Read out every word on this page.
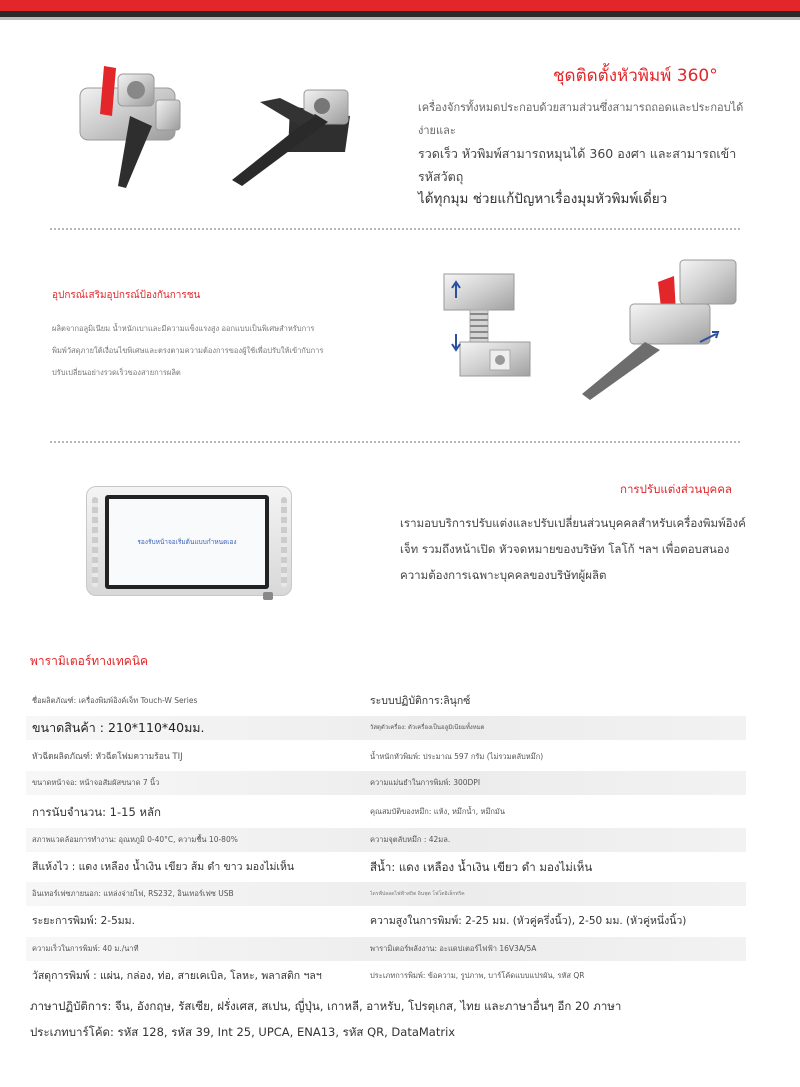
ชุดติดตั้งหัวพิมพ์ 360°
เครื่องจักรทั้งหมดประกอบด้วยสามส่วนซึ่งสามารถถอดและประกอบได้ง่ายและ
รวดเร็ว หัวพิมพ์สามารถหมุนได้ 360 องศา และสามารถเข้ารหัสวัตถุ
ได้ทุกมุม ช่วยแก้ปัญหาเรื่องมุมหัวพิมพ์เดี่ยว
อุปกรณ์เสริมอุปกรณ์ป้องกันการชน
ผลิตจากอลูมิเนียม น้ำหนักเบาและมีความแข็งแรงสูง ออกแบบเป็นพิเศษสำหรับการ
พิมพ์วัสดุภายใต้เงื่อนไขพิเศษและตรงตามความต้องการของผู้ใช้เพื่อปรับให้เข้ากับการ
ปรับเปลี่ยนอย่างรวดเร็วของสายการผลิต
รองรับหน้าจอเริ่มต้นแบบกำหนดเอง
การปรับแต่งส่วนบุคคล
เรามอบบริการปรับแต่งและปรับเปลี่ยนส่วนบุคคลสำหรับเครื่องพิมพ์อิงค์
เจ็ท รวมถึงหน้าเปิด หัวจดหมายของบริษัท โลโก้ ฯลฯ เพื่อตอบสนอง
ความต้องการเฉพาะบุคคลของบริษัทผู้ผลิต
พารามิเตอร์ทางเทคนิค
ชื่อผลิตภัณฑ์: เครื่องพิมพ์อิงค์เจ็ท Touch-W Series	ระบบปฏิบัติการ:ลินุกซ์
ขนาดสินค้า : 210*110*40มม.	วัสดุตัวเครื่อง: ตัวเครื่องเป็นอลูมิเนียมทั้งหมด
หัวฉีดผลิตภัณฑ์: หัวฉีดโฟมความร้อน TIJ	น้ำหนักหัวพิมพ์: ประมาณ 597 กรัม (ไม่รวมตลับหมึก)
ขนาดหน้าจอ: หน้าจอสัมผัสขนาด 7 นิ้ว	ความแม่นยำในการพิมพ์: 300DPI
การนับจำนวน: 1-15 หลัก	คุณสมบัติของหมึก: แห้ง, หมึกน้ำ, หมึกมัน
สภาพแวดล้อมการทำงาน: อุณหภูมิ 0-40°C, ความชื้น 10-80%	ความจุตลับหมึก : 42มล.
สีแห้งไว : แดง เหลือง น้ำเงิน เขียว ส้ม ดำ ขาว มองไม่เห็น	สีน้ำ: แดง เหลือง น้ำเงิน เขียว ดำ มองไม่เห็น
อินเทอร์เฟซภายนอก: แหล่งจ่ายไฟ, RS232, อินเทอร์เฟซ USB	ไดรฟ์ปลอดไฟฟ้าสถิต อินพุต โฟโตอิเล็กทริค
ระยะการพิมพ์: 2-5มม.	ความสูงในการพิมพ์: 2-25 มม. (หัวคู่ครึ่งนิ้ว), 2-50 มม. (หัวคู่หนึ่งนิ้ว)
ความเร็วในการพิมพ์: 40 ม./นาที	พารามิเตอร์พลังงาน: อะแดปเตอร์ไฟฟ้า 16V3A/5A
วัสดุการพิมพ์ : แผ่น, กล่อง, ท่อ, สายเคเบิล, โลหะ, พลาสติก ฯลฯ	ประเภทการพิมพ์: ข้อความ, รูปภาพ, บาร์โค้ดแบบแปรผัน, รหัส QR
ภาษาปฏิบัติการ: จีน, อังกฤษ, รัสเซีย, ฝรั่งเศส, สเปน, ญี่ปุ่น, เกาหลี, อาหรับ, โปรตุเกส, ไทย และภาษาอื่นๆ อีก 20 ภาษา
ประเภทบาร์โค้ด: รหัส 128, รหัส 39, Int 25, UPCA, ENA13, รหัส QR, DataMatrix
